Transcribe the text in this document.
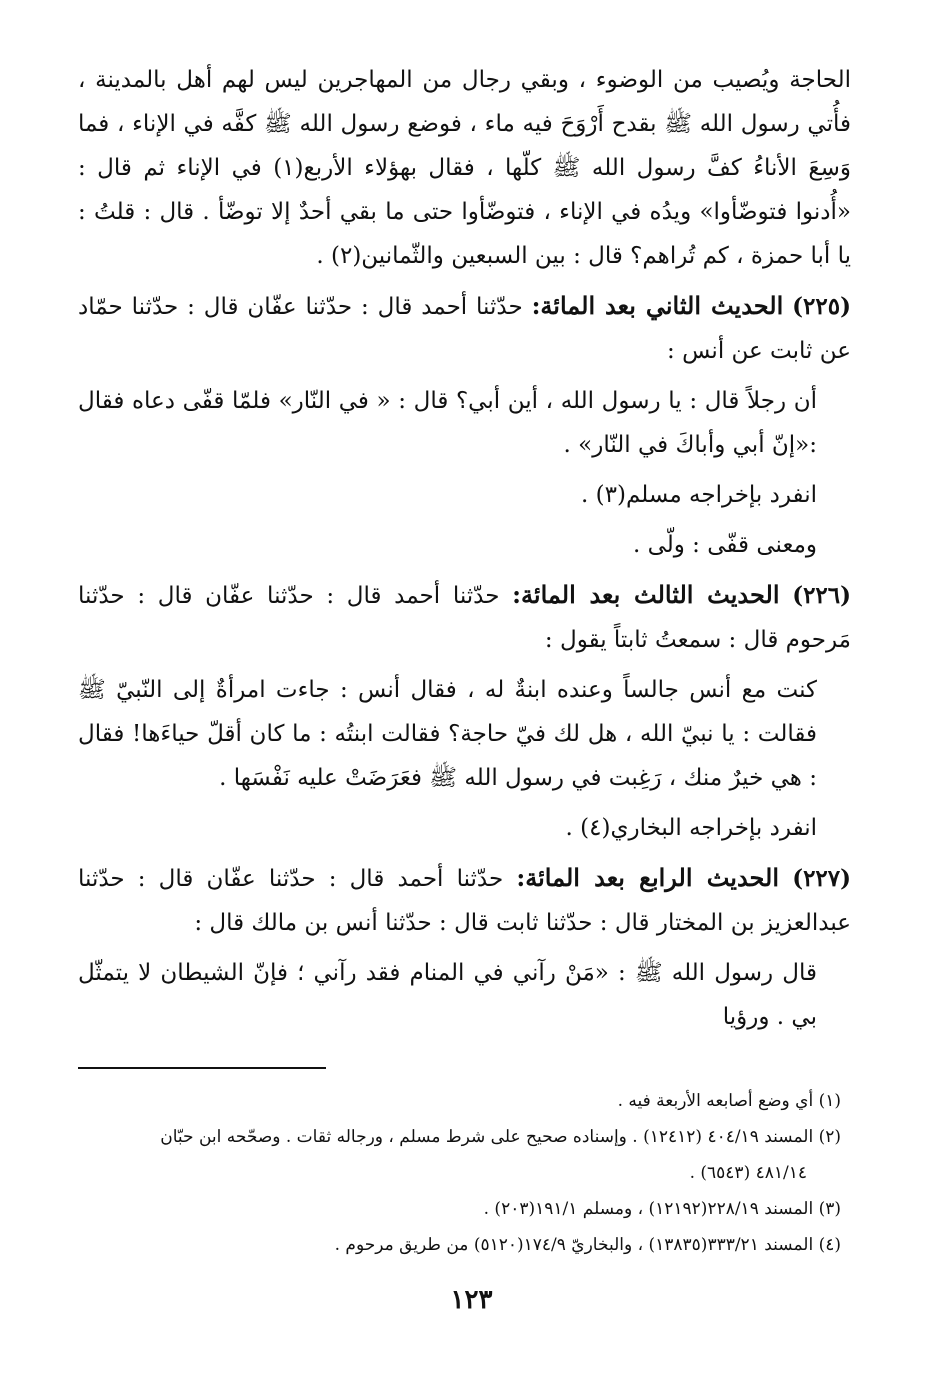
الحاجة ويُصيب من الوضوء ، وبقي رجال من المهاجرين ليس لهم أهل بالمدينة ، فأُتي رسول الله ﷺ بقدح أَرْوَحَ فيه ماء ، فوضع رسول الله ﷺ كفَّه في الإناء ، فما وَسِعَ الأناءُ كفَّ رسول الله ﷺ كلّها ، فقال بهؤلاء الأربع(١) في الإناء ثم قال : «أُدنوا فتوضّأوا» ويدُه في الإناء ، فتوضّأوا حتى ما بقي أحدٌ إلا توضّأ . قال : قلتُ : يا أبا حمزة ، كم تُراهم؟ قال : بين السبعين والثّمانين(٢) .

(٢٢٥) الحديث الثاني بعد المائة: حدّثنا أحمد قال : حدّثنا عفّان قال : حدّثنا حمّاد عن ثابت عن أنس :

أن رجلاً قال : يا رسول الله ، أين أبي؟ قال : « في النّار» فلمّا قفّى دعاه فقال :«إنّ أبي وأباكَ في النّار» .

انفرد بإخراجه مسلم(٣) .

ومعنى قفّى : ولّى .

(٢٢٦) الحديث الثالث بعد المائة: حدّثنا أحمد قال : حدّثنا عفّان قال : حدّثنا مَرحوم قال : سمعتُ ثابتاً يقول :

كنت مع أنس جالساً وعنده ابنةٌ له ، فقال أنس : جاءت امرأةٌ إلى النّبيّ ﷺ فقالت : يا نبيّ الله ، هل لك فيّ حاجة؟ فقالت ابنتُه : ما كان أقلّ حياءَها! فقال : هي خيرٌ منك ، رَغِبت في رسول الله ﷺ فعَرَضَتْ عليه نَفْسَها .

انفرد بإخراجه البخاري(٤) .

(٢٢٧) الحديث الرابع بعد المائة: حدّثنا أحمد قال : حدّثنا عفّان قال : حدّثنا عبدالعزيز بن المختار قال : حدّثنا ثابت قال : حدّثنا أنس بن مالك قال :

قال رسول الله ﷺ : «مَنْ رآني في المنام فقد رآني ؛ فإنّ الشيطان لا يتمثّل بي . ورؤيا

(١) أي وضع أصابعه الأربعة فيه .

(٢) المسند ٤٠٤/١٩ (١٢٤١٢) . وإسناده صحيح على شرط مسلم ، ورجاله ثقات . وصحّحه ابن حبّان
٤٨١/١٤ (٦٥٤٣) .

(٣) المسند ٢٢٨/١٩(١٢١٩٢) ، ومسلم ١٩١/١(٢٠٣) .

(٤) المسند ٣٣٣/٢١(١٣٨٣٥) ، والبخاريّ ١٧٤/٩(٥١٢٠) من طريق مرحوم .

١٢٣
